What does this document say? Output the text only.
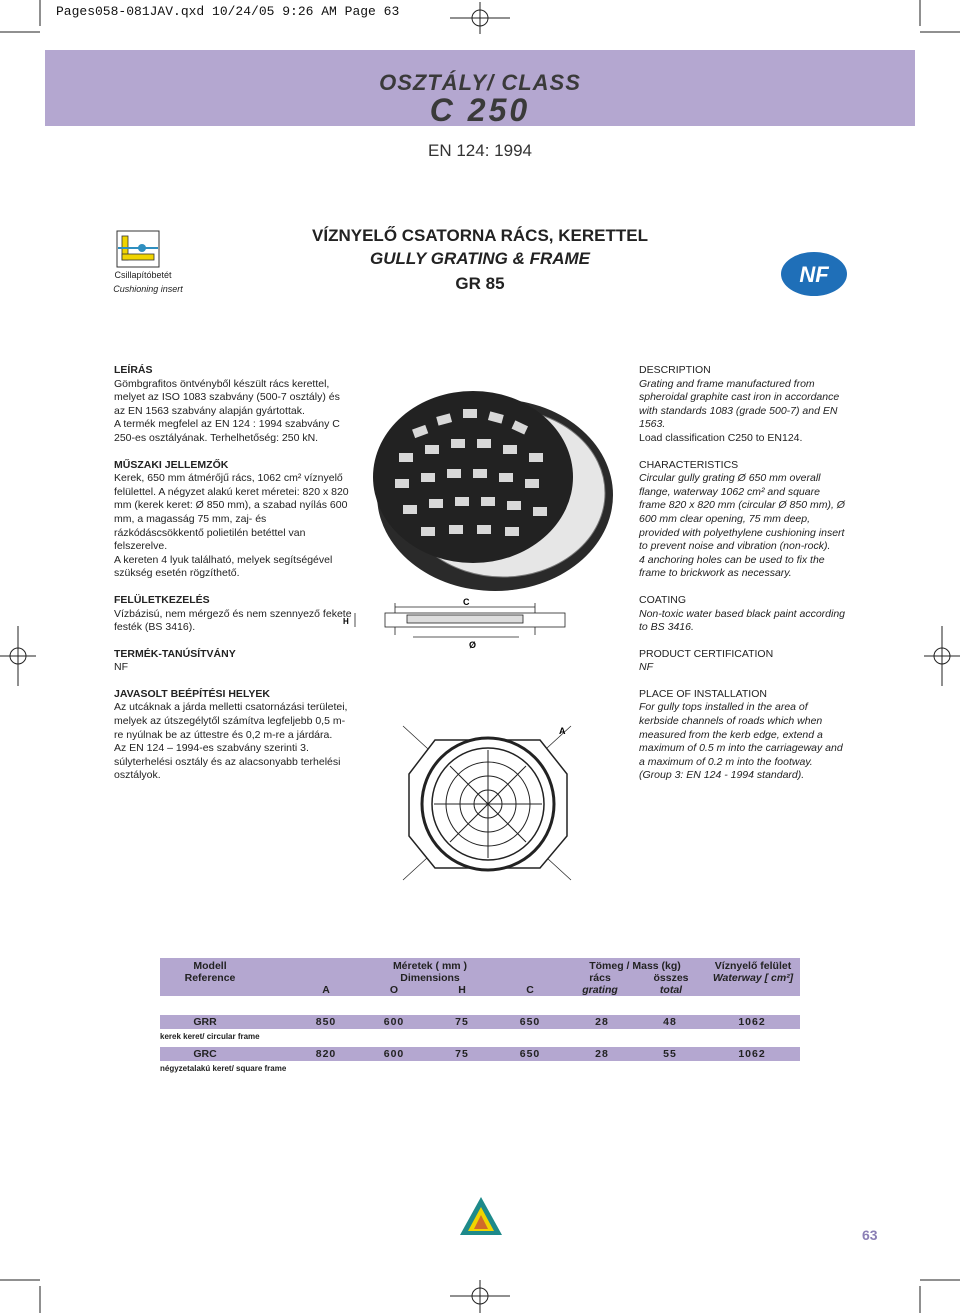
Pages058-081JAV.qxd 10/24/05 9:26 AM Page 63
OSZTÁLY/ CLASS
C 250
EN 124: 1994
Csillapítóbetét
Cushioning insert
VÍZNYELŐ CSATORNA RÁCS, KERETTEL
GULLY GRATING & FRAME
GR 85	NF

LEÍRÁS

Gömbgrafitos öntvényből készült rács kerettel, melyet az ISO 1083 szabvány (500-7 osztály) és az EN 1563 szabvány alapján gyártottak.

A termék megfelel az EN 124 : 1994 szabvány C 250-es osztályának. Terhelhetőség: 250 kN.

MŰSZAKI JELLEMZŐK

Kerek, 650 mm átmérőjű rács, 1062 cm² víznyelő felülettel. A négyzet alakú keret méretei: 820 x 820 mm (kerek keret: Ø 850 mm), a szabad nyílás 600 mm, a magasság 75 mm, zaj- és rázkódáscsökkentő polietilén betéttel van felszerelve.

A kereten 4 lyuk található, melyek segítségével szükség esetén rögzíthető.

FELÜLETKEZELÉS

Vízbázisú, nem mérgező és nem szennyező fekete festék (BS 3416).

TERMÉK-TANÚSÍTVÁNY

NF

JAVASOLT BEÉPÍTÉSI HELYEK

Az utcáknak a járda melletti csatornázási területei, melyek az útszegélytől számítva legfeljebb 0,5 m-re nyúlnak be az úttestre és 0,2 m-re a járdára.

Az EN 124 – 1994-es szabvány szerinti 3. súlyterhelési osztály és az alacsonyabb terhelési osztályok.

DESCRIPTION

Grating and frame manufactured from spheroidal graphite cast iron in accordance with standards 1083 (grade 500-7) and EN 1563.

Load classification C250 to EN124.

CHARACTERISTICS

Circular gully grating Ø 650 mm overall flange, waterway 1062 cm² and square frame 820 x 820 mm (circular Ø 850 mm), Ø 600 mm clear opening, 75 mm deep, provided with polyethylene cushioning insert to prevent noise and vibration (non-rock).

4 anchoring holes can be used to fix the frame to brickwork as necessary.

COATING

Non-toxic water based black paint according to BS 3416.

PRODUCT CERTIFICATION

NF

PLACE OF INSTALLATION

For gully tops installed in the area of kerbside channels of roads which when measured from the kerb edge, extend a maximum of 0.5 m into the carriageway and a maximum of 0.2 m into the footway.

(Group 3: EN 124 - 1994 standard).

H
C
Ø
A
Modell
Reference
Méretek ( mm )
Dimensions
A	O	H	C
Tömeg / Mass (kg)
rács	összes
grating	total
Víznyelő felület
Waterway [ cm²]
GRR	850	600	75	650	28	48	1062
kerek keret/ circular frame
GRC	820	600	75	650	28	55	1062
négyzetalakú keret/ square frame
63
